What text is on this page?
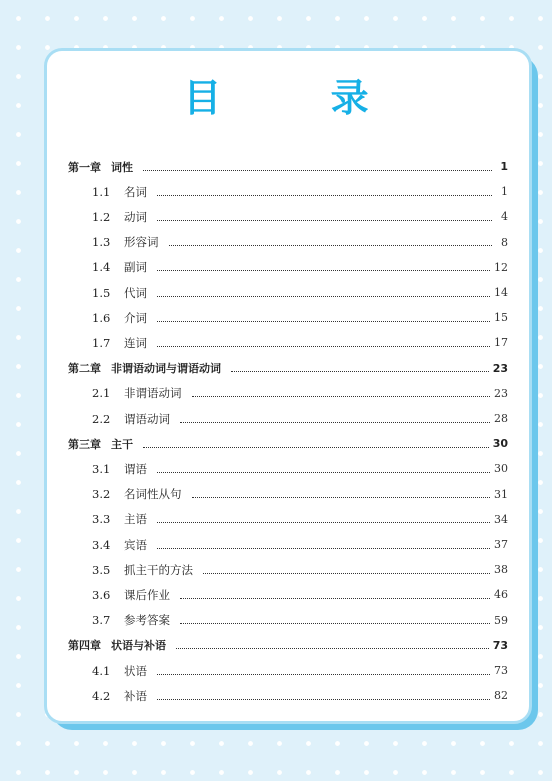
目 录
第一章 词性	1
1.1	名词	1
1.2	动词	4
1.3	形容词	8
1.4	副词	12
1.5	代词	14
1.6	介词	15
1.7	连词	17
第二章 非谓语动词与谓语动词	23
2.1	非谓语动词	23
2.2	谓语动词	28
第三章 主干	30
3.1	谓语	30
3.2	名词性从句	31
3.3	主语	34
3.4	宾语	37
3.5	抓主干的方法	38
3.6	课后作业	46
3.7	参考答案	59
第四章 状语与补语	73
4.1	状语	73
4.2	补语	82
